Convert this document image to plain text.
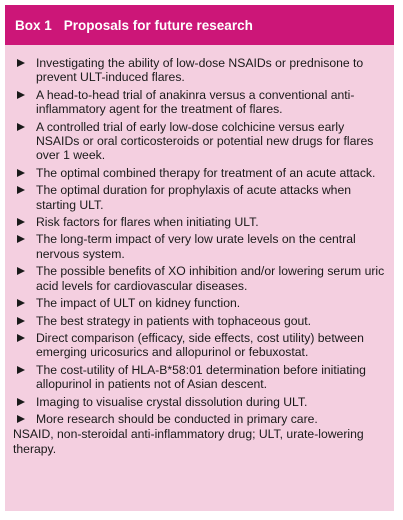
Box 1 Proposals for future research
Investigating the ability of low-dose NSAIDs or prednisone to prevent ULT-induced flares.
A head-to-head trial of anakinra versus a conventional anti-inflammatory agent for the treatment of flares.
A controlled trial of early low-dose colchicine versus early NSAIDs or oral corticosteroids or potential new drugs for flares over 1 week.
The optimal combined therapy for treatment of an acute attack.
The optimal duration for prophylaxis of acute attacks when starting ULT.
Risk factors for flares when initiating ULT.
The long-term impact of very low urate levels on the central nervous system.
The possible benefits of XO inhibition and/or lowering serum uric acid levels for cardiovascular diseases.
The impact of ULT on kidney function.
The best strategy in patients with tophaceous gout.
Direct comparison (efficacy, side effects, cost utility) between emerging uricosurics and allopurinol or febuxostat.
The cost-utility of HLA-B*58:01 determination before initiating allopurinol in patients not of Asian descent.
Imaging to visualise crystal dissolution during ULT.
More research should be conducted in primary care.
NSAID, non-steroidal anti-inflammatory drug; ULT, urate-lowering therapy.
